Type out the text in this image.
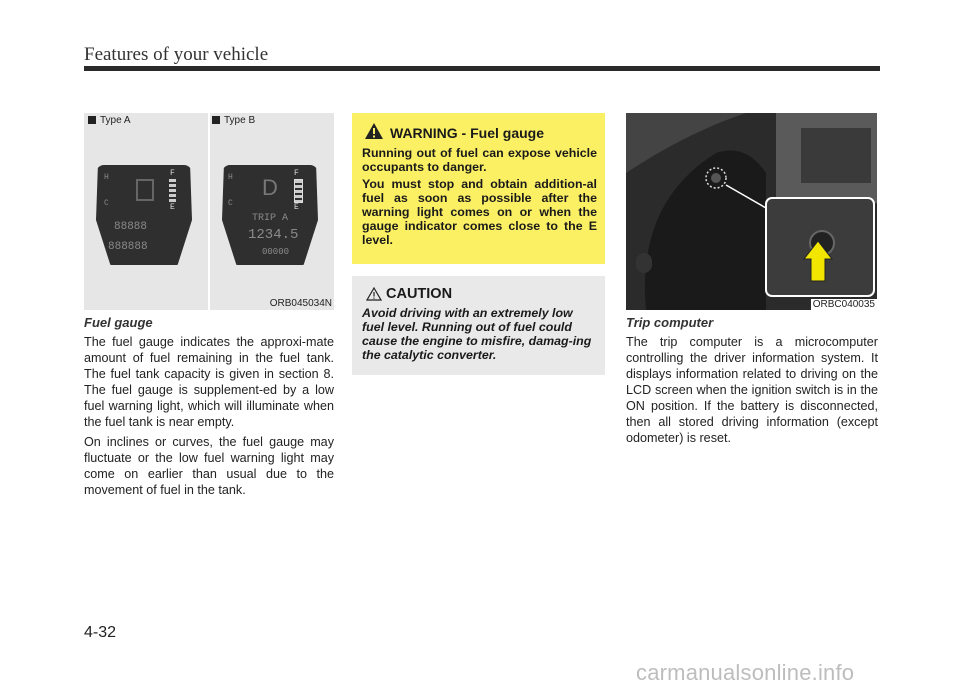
Features of your vehicle
Type A	Type B
H
C
F
E
88888
888888
H
C
D
F
E
TRIP A
1234.5
00000
ORB045034N
Fuel gauge

The fuel gauge indicates the approxi-mate amount of fuel remaining in the fuel tank. The fuel tank capacity is given in section 8. The fuel gauge is supplement-ed by a low fuel warning light, which will illuminate when the fuel tank is near empty.

On inclines or curves, the fuel gauge may fluctuate or the low fuel warning light may come on earlier than usual due to the movement of fuel in the tank.

WARNING - Fuel gauge

Running out of fuel can expose vehicle occupants to danger.

You must stop and obtain addition-al fuel as soon as possible after the warning light comes on or when the gauge indicator comes close to the E level.

CAUTION

Avoid driving with an extremely low fuel level. Running out of fuel could cause the engine to misfire, damag-ing the catalytic converter.

ORBC040035
Trip computer

The trip computer is a microcomputer controlling the driver information system. It displays information related to driving on the LCD screen when the ignition switch is in the ON position. If the battery is disconnected, then all stored driving information (except odometer) is reset.

4-32
carmanualsonline.info
